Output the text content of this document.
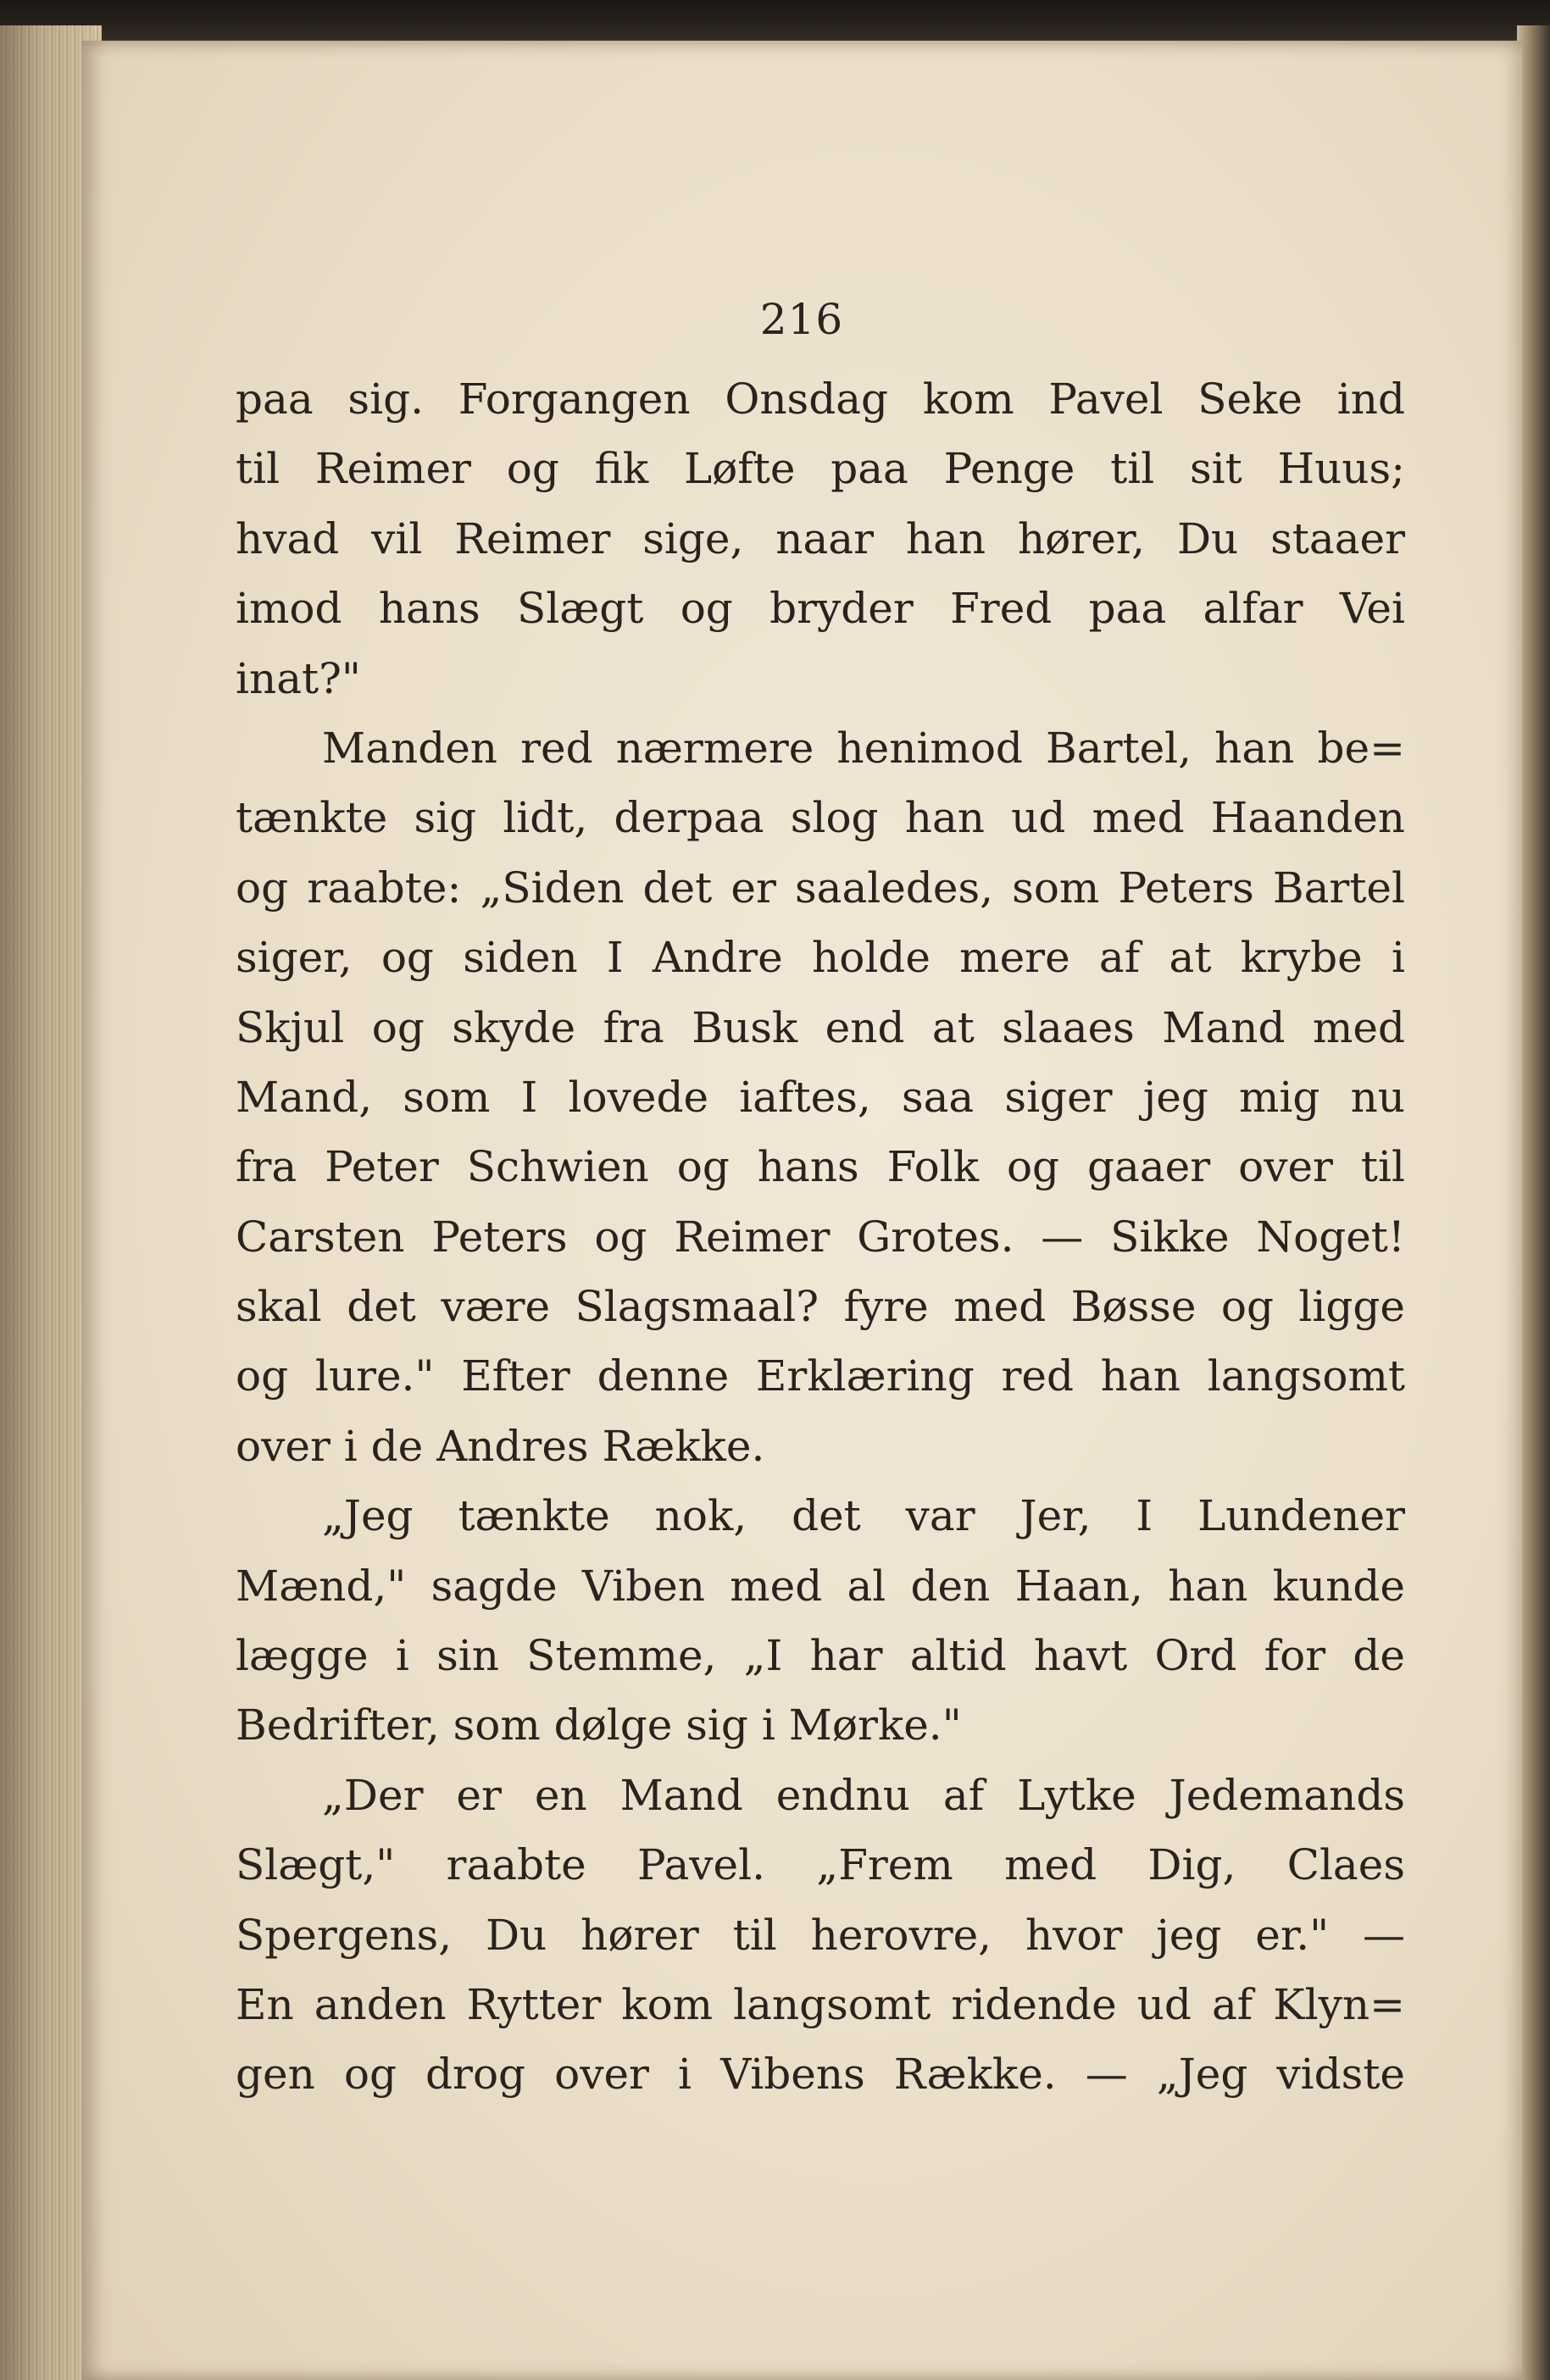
216
paa sig. Forgangen Onsdag kom Pavel Seke ind
til Reimer og fik Løfte paa Penge til sit Huus;
hvad vil Reimer sige, naar han hører, Du staaer
imod hans Slægt og bryder Fred paa alfar Vei
inat?"
Manden red nærmere henimod Bartel, han be=
tænkte sig lidt, derpaa slog han ud med Haanden
og raabte: „Siden det er saaledes, som Peters Bartel
siger, og siden I Andre holde mere af at krybe i
Skjul og skyde fra Busk end at slaaes Mand med
Mand, som I lovede iaftes, saa siger jeg mig nu
fra Peter Schwien og hans Folk og gaaer over til
Carsten Peters og Reimer Grotes. — Sikke Noget!
skal det være Slagsmaal? fyre med Bøsse og ligge
og lure." Efter denne Erklæring red han langsomt
over i de Andres Række.
„Jeg tænkte nok, det var Jer, I Lundener
Mænd," sagde Viben med al den Haan, han kunde
lægge i sin Stemme, „I har altid havt Ord for de
Bedrifter, som dølge sig i Mørke."
„Der er en Mand endnu af Lytke Jedemands
Slægt," raabte Pavel. „Frem med Dig, Claes
Spergens, Du hører til herovre, hvor jeg er." —
En anden Rytter kom langsomt ridende ud af Klyn=
gen og drog over i Vibens Række. — „Jeg vidste
